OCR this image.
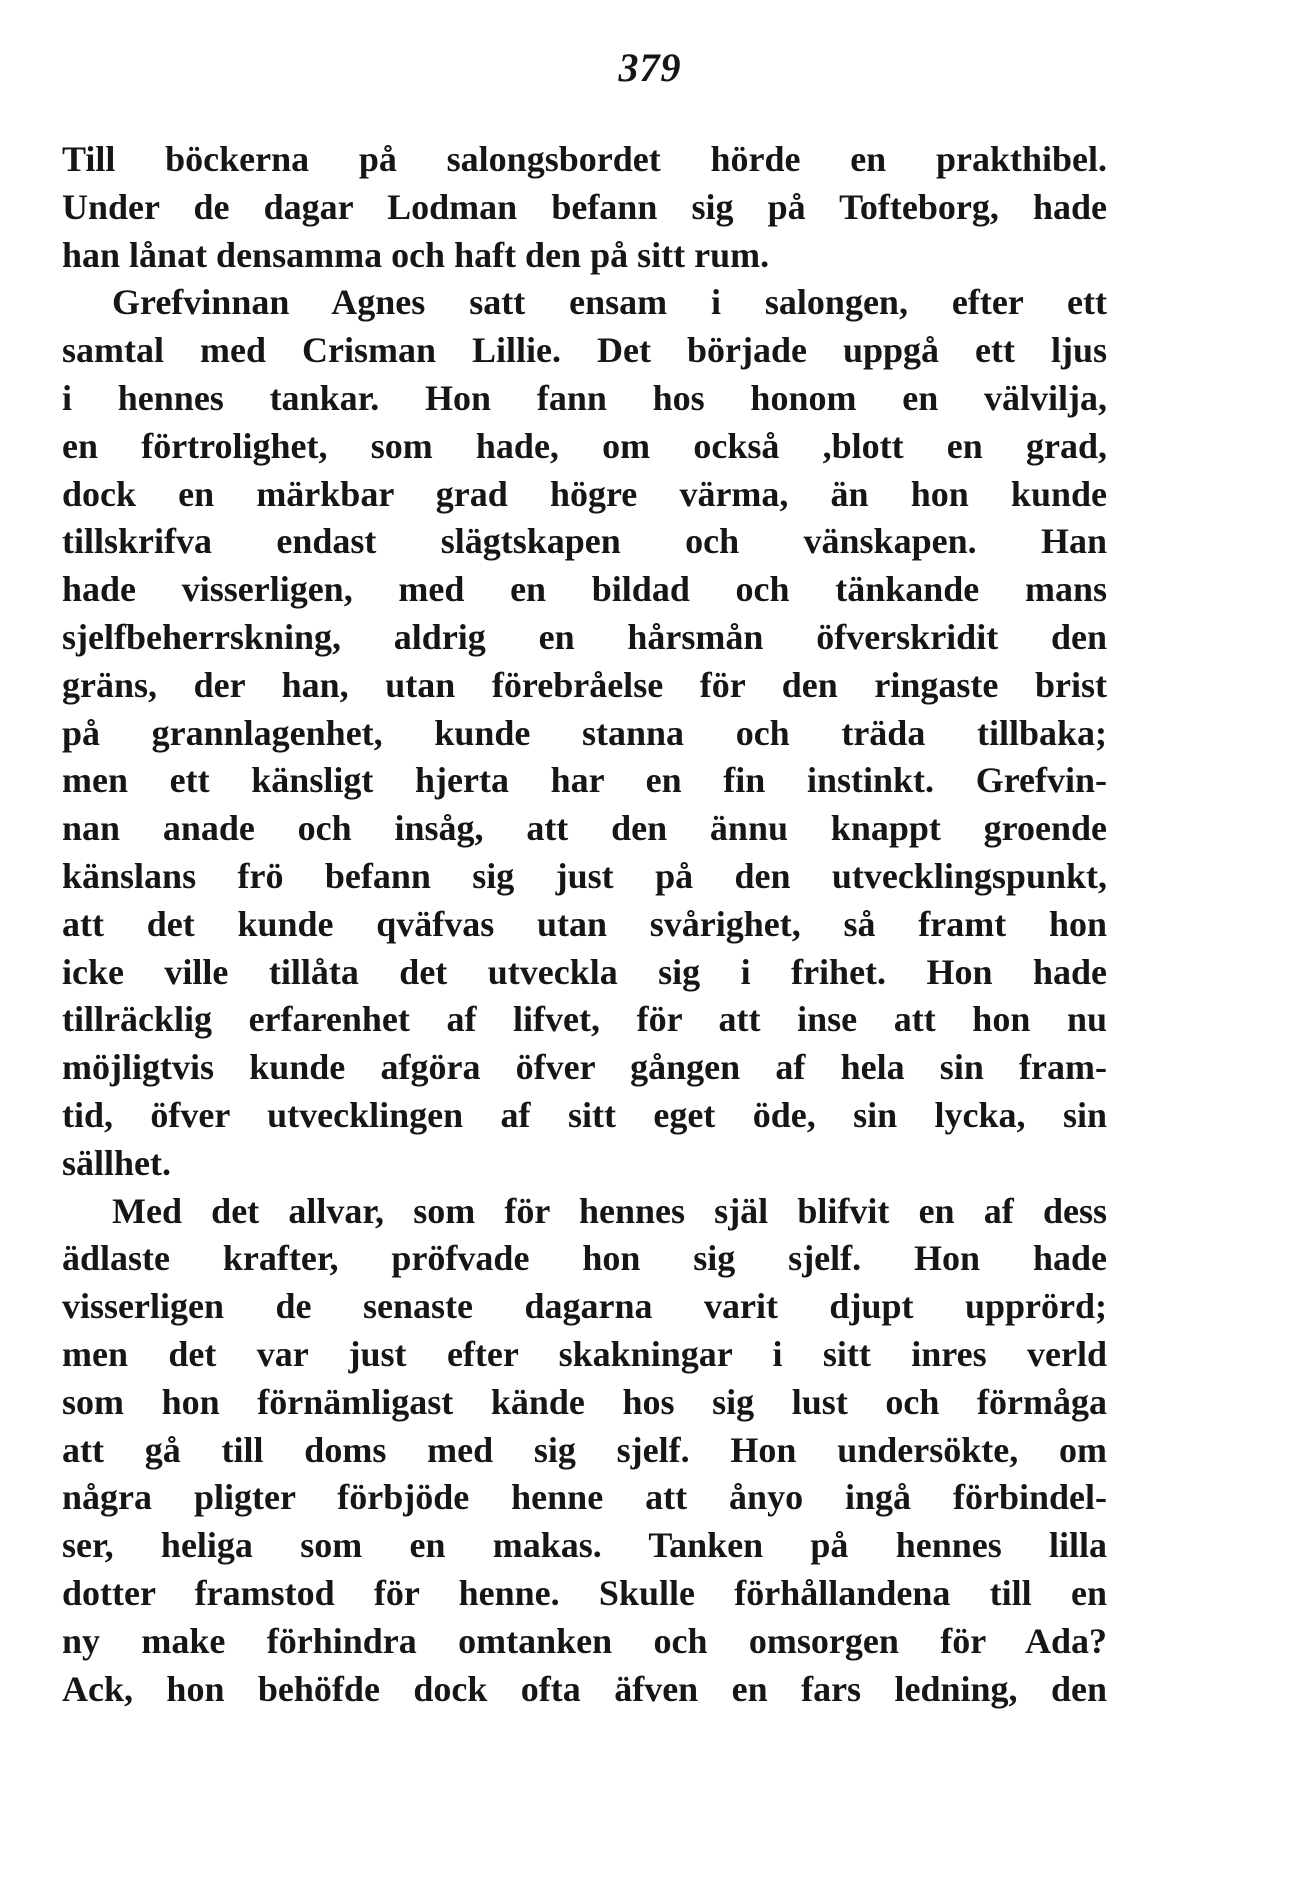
379
Till böckerna på salongsbordet hörde en prakthibel.
Under de dagar Lodman befann sig på Tofteborg, hade
han lånat densamma och haft den på sitt rum.
Grefvinnan Agnes satt ensam i salongen, efter ett
samtal med Crisman Lillie. Det började uppgå ett ljus
i hennes tankar. Hon fann hos honom en välvilja,
en förtrolighet, som hade, om också ,blott en grad,
dock en märkbar grad högre värma, än hon kunde
tillskrifva endast slägtskapen och vänskapen. Han
hade visserligen, med en bildad och tänkande mans
sjelfbeherrskning, aldrig en hårsmån öfverskridit den
gräns, der han, utan förebråelse för den ringaste brist
på grannlagenhet, kunde stanna och träda tillbaka;
men ett känsligt hjerta har en fin instinkt. Grefvin-
nan anade och insåg, att den ännu knappt groende
känslans frö befann sig just på den utvecklingspunkt,
att det kunde qväfvas utan svårighet, så framt hon
icke ville tillåta det utveckla sig i frihet. Hon hade
tillräcklig erfarenhet af lifvet, för att inse att hon nu
möjligtvis kunde afgöra öfver gången af hela sin fram-
tid, öfver utvecklingen af sitt eget öde, sin lycka, sin
sällhet.
Med det allvar, som för hennes själ blifvit en af dess
ädlaste krafter, pröfvade hon sig sjelf. Hon hade
visserligen de senaste dagarna varit djupt upprörd;
men det var just efter skakningar i sitt inres verld
som hon förnämligast kände hos sig lust och förmåga
att gå till doms med sig sjelf. Hon undersökte, om
några pligter förbjöde henne att ånyo ingå förbindel-
ser, heliga som en makas. Tanken på hennes lilla
dotter framstod för henne. Skulle förhållandena till en
ny make förhindra omtanken och omsorgen för Ada?
Ack, hon behöfde dock ofta äfven en fars ledning, den
